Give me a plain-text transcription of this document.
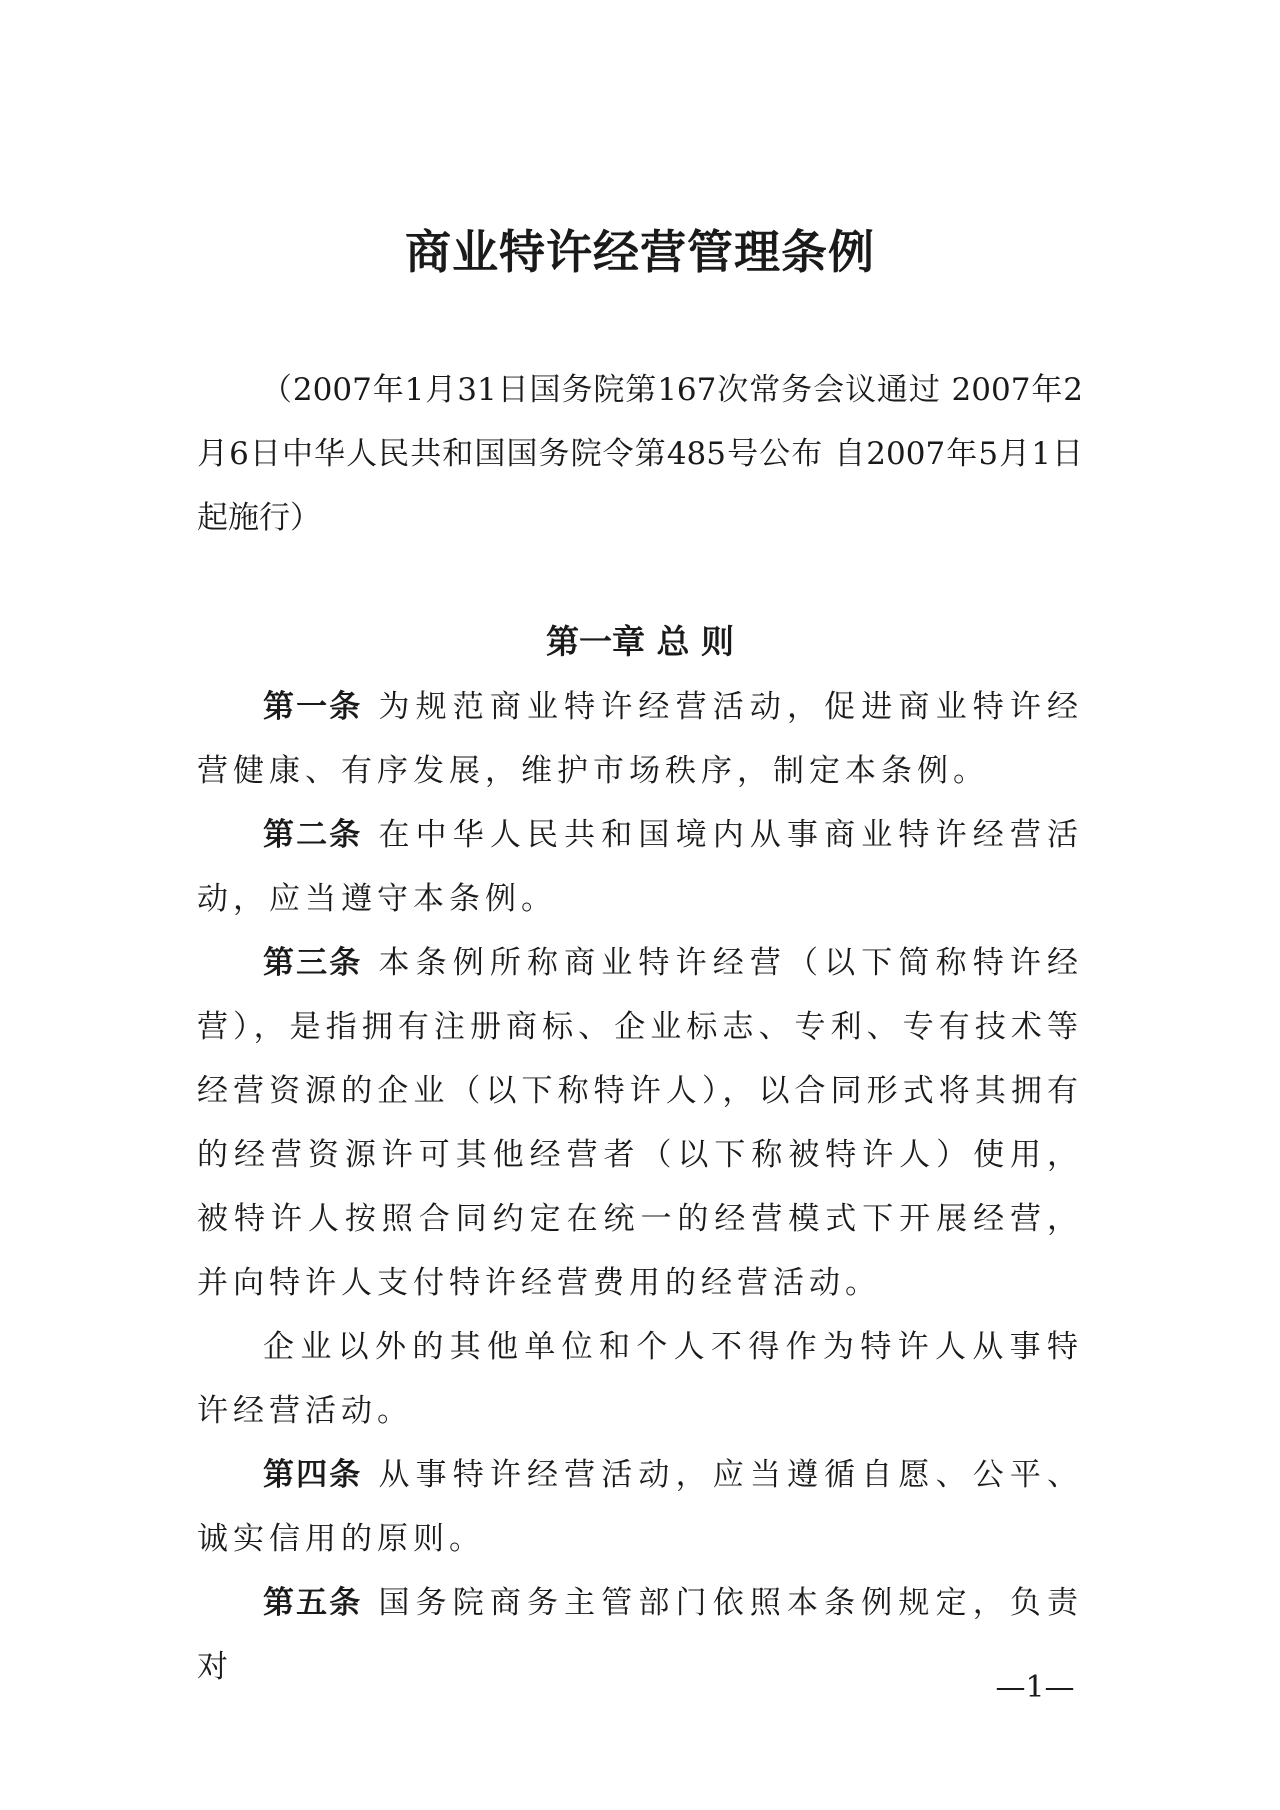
商业特许经营管理条例
（2007年1月31日国务院第167次常务会议通过 2007年2月6日中华人民共和国国务院令第485号公布 自2007年5月1日起施行）
第一章 总 则

第一条 为规范商业特许经营活动，促进商业特许经营健康、有序发展，维护市场秩序，制定本条例。

第二条 在中华人民共和国境内从事商业特许经营活动，应当遵守本条例。

第三条 本条例所称商业特许经营（以下简称特许经营），是指拥有注册商标、企业标志、专利、专有技术等经营资源的企业（以下称特许人），以合同形式将其拥有的经营资源许可其他经营者（以下称被特许人）使用，被特许人按照合同约定在统一的经营模式下开展经营，并向特许人支付特许经营费用的经营活动。

企业以外的其他单位和个人不得作为特许人从事特许经营活动。

第四条 从事特许经营活动，应当遵循自愿、公平、诚实信用的原则。

第五条 国务院商务主管部门依照本条例规定，负责对

—1—
